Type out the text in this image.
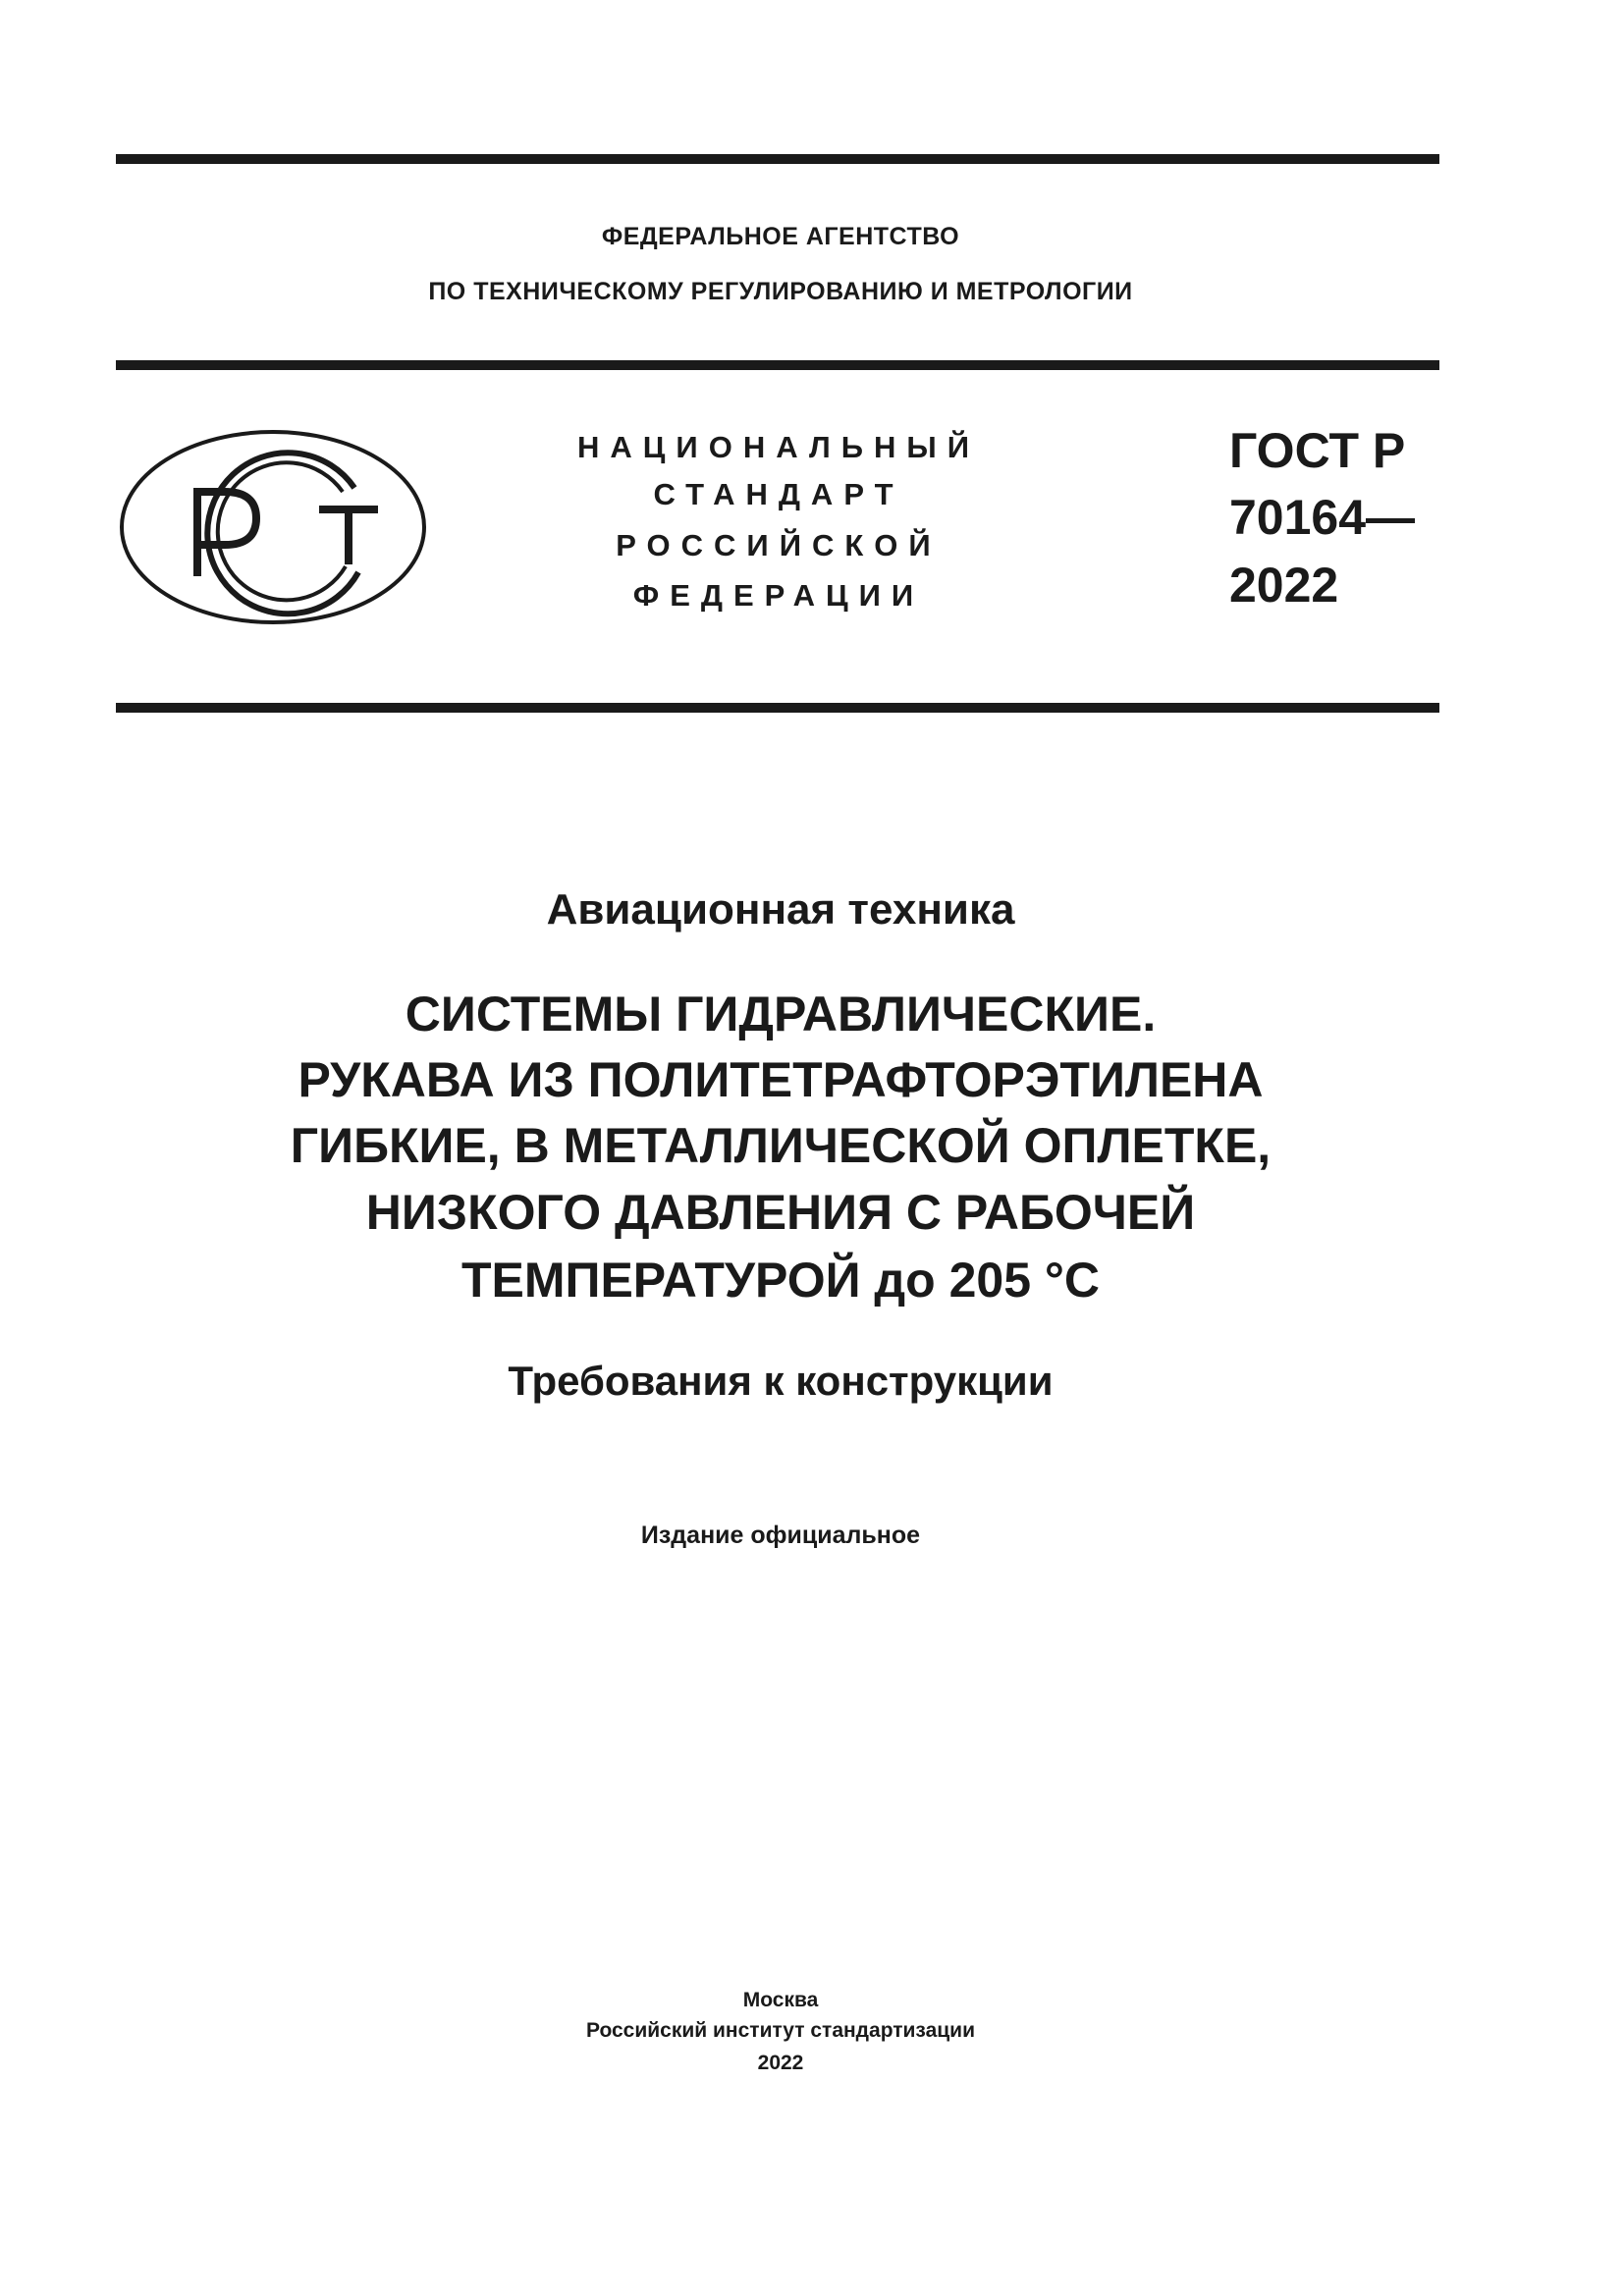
ФЕДЕРАЛЬНОЕ АГЕНТСТВО
ПО ТЕХНИЧЕСКОМУ РЕГУЛИРОВАНИЮ И МЕТРОЛОГИИ
НАЦИОНАЛЬНЫЙ
СТАНДАРТ
РОССИЙСКОЙ
ФЕДЕРАЦИИ
ГОСТ Р
70164—
2022
Авиационная техника
СИСТЕМЫ ГИДРАВЛИЧЕСКИЕ.
РУКАВА ИЗ ПОЛИТЕТРАФТОРЭТИЛЕНА
ГИБКИЕ, В МЕТАЛЛИЧЕСКОЙ ОПЛЕТКЕ,
НИЗКОГО ДАВЛЕНИЯ С РАБОЧЕЙ
ТЕМПЕРАТУРОЙ до 205 °С
Требования к конструкции
Издание официальное
Москва
Российский институт стандартизации
2022
